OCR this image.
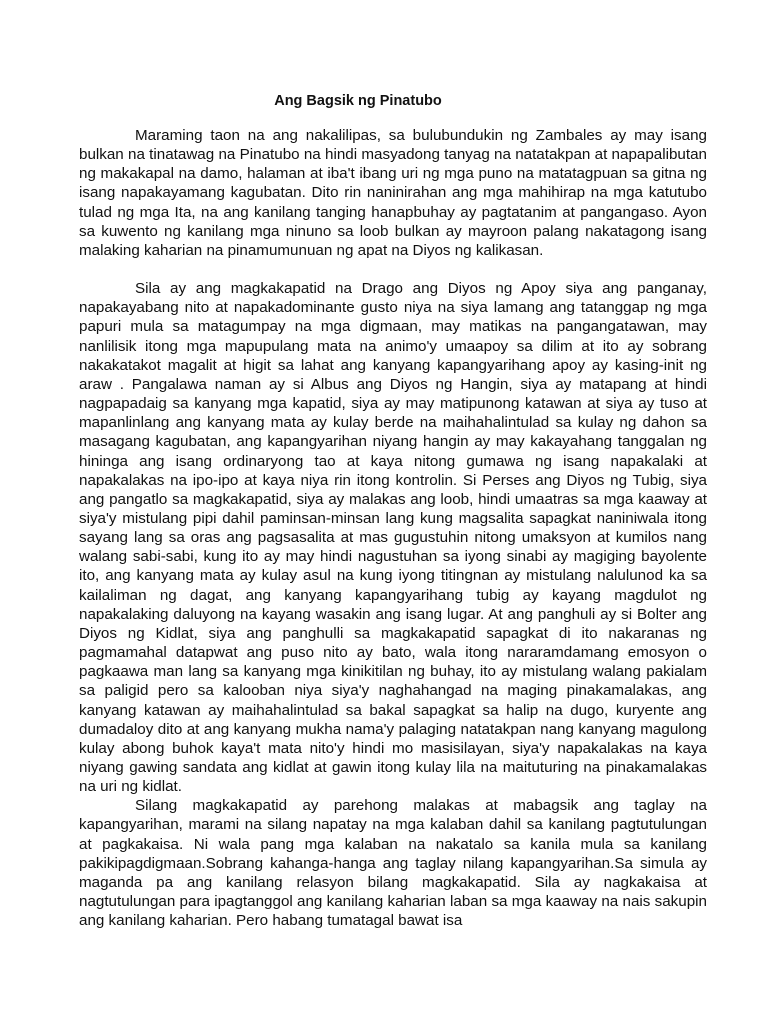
Ang Bagsik ng Pinatubo

Maraming taon na ang nakalilipas, sa bulubundukin ng Zambales ay may isang bulkan na tinatawag na Pinatubo na hindi masyadong tanyag na natatakpan at napapalibutan ng makakapal na damo, halaman at iba't ibang uri ng mga puno na matatagpuan sa gitna ng isang napakayamang kagubatan. Dito rin naninirahan ang mga mahihirap na mga katutubo tulad ng mga Ita, na ang kanilang tanging hanapbuhay ay pagtatanim at pangangaso. Ayon sa kuwento ng kanilang mga ninuno sa loob bulkan ay mayroon palang nakatagong isang malaking kaharian na pinamumunuan ng apat na Diyos ng kalikasan.

Sila ay ang magkakapatid na Drago ang Diyos ng Apoy siya ang panganay, napakayabang nito at napakadominante gusto niya na siya lamang ang tatanggap ng mga papuri mula sa matagumpay na mga digmaan, may matikas na pangangatawan, may nanlilisik itong mga mapupulang mata na animo'y umaapoy sa dilim at ito ay sobrang nakakatakot magalit at higit sa lahat ang kanyang kapangyarihang apoy ay kasing-init ng araw . Pangalawa naman ay si Albus ang Diyos ng Hangin, siya ay matapang at hindi nagpapadaig sa kanyang mga kapatid, siya ay may matipunong katawan at siya ay tuso at mapanlinlang ang kanyang mata ay kulay berde na maihahalintulad sa kulay ng dahon sa masagang kagubatan, ang kapangyarihan niyang hangin ay may kakayahang tanggalan ng hininga ang isang ordinaryong tao at kaya nitong gumawa ng isang napakalaki at napakalakas na ipo-ipo at kaya niya rin itong kontrolin. Si Perses ang Diyos ng Tubig, siya ang pangatlo sa magkakapatid, siya ay malakas ang loob, hindi umaatras sa mga kaaway at siya'y mistulang pipi dahil paminsan-minsan lang kung magsalita sapagkat naniniwala itong sayang lang sa oras ang pagsasalita at mas gugustuhin nitong umaksyon at kumilos nang walang sabi-sabi, kung ito ay may hindi nagustuhan sa iyong sinabi ay magiging bayolente ito, ang kanyang mata ay kulay asul na kung iyong titingnan ay mistulang nalulunod ka sa kailaliman ng dagat, ang kanyang kapangyarihang tubig ay kayang magdulot ng napakalaking daluyong na kayang wasakin ang isang lugar. At ang panghuli ay si Bolter ang Diyos ng Kidlat, siya ang panghulli sa magkakapatid sapagkat di ito nakaranas ng pagmamahal datapwat ang puso nito ay bato, wala itong nararamdamang emosyon o pagkaawa man lang sa kanyang mga kinikitilan ng buhay, ito ay mistulang walang pakialam sa paligid pero sa kalooban niya siya'y naghahangad na maging pinakamalakas, ang kanyang katawan ay maihahalintulad sa bakal sapagkat sa halip na dugo, kuryente ang dumadaloy dito at ang kanyang mukha nama'y palaging natatakpan nang kanyang magulong kulay abong buhok kaya't mata nito'y hindi mo masisilayan, siya'y napakalakas na kaya niyang gawing sandata ang kidlat at gawin itong kulay lila na maituturing na pinakamalakas na uri ng kidlat.

Silang magkakapatid ay parehong malakas at mabagsik ang taglay na kapangyarihan, marami na silang napatay na mga kalaban dahil sa kanilang pagtutulungan at pagkakaisa. Ni wala pang mga kalaban na nakatalo sa kanila mula sa kanilang pakikipagdigmaan.Sobrang kahanga-hanga ang taglay nilang kapangyarihan.Sa simula ay maganda pa ang kanilang relasyon bilang magkakapatid. Sila ay nagkakaisa at nagtutulungan para ipagtanggol ang kanilang kaharian laban sa mga kaaway na nais sakupin ang kanilang kaharian. Pero habang tumatagal bawat isa
